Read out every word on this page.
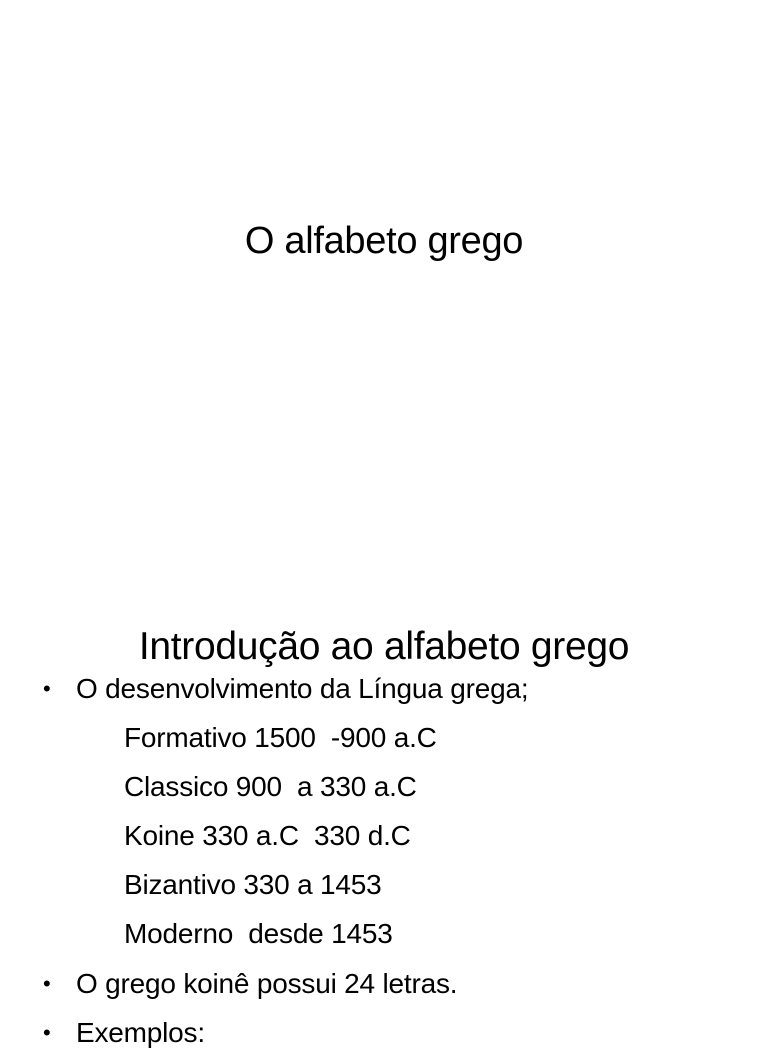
O alfabeto grego
Introdução ao alfabeto grego
• O desenvolvimento da Língua grega;
Formativo 1500  -900 a.C
Classico 900  a 330 a.C
Koine 330 a.C  330 d.C
Bizantivo 330 a 1453
Moderno  desde 1453
• O grego koinê possui 24 letras.
• Exemplos:
